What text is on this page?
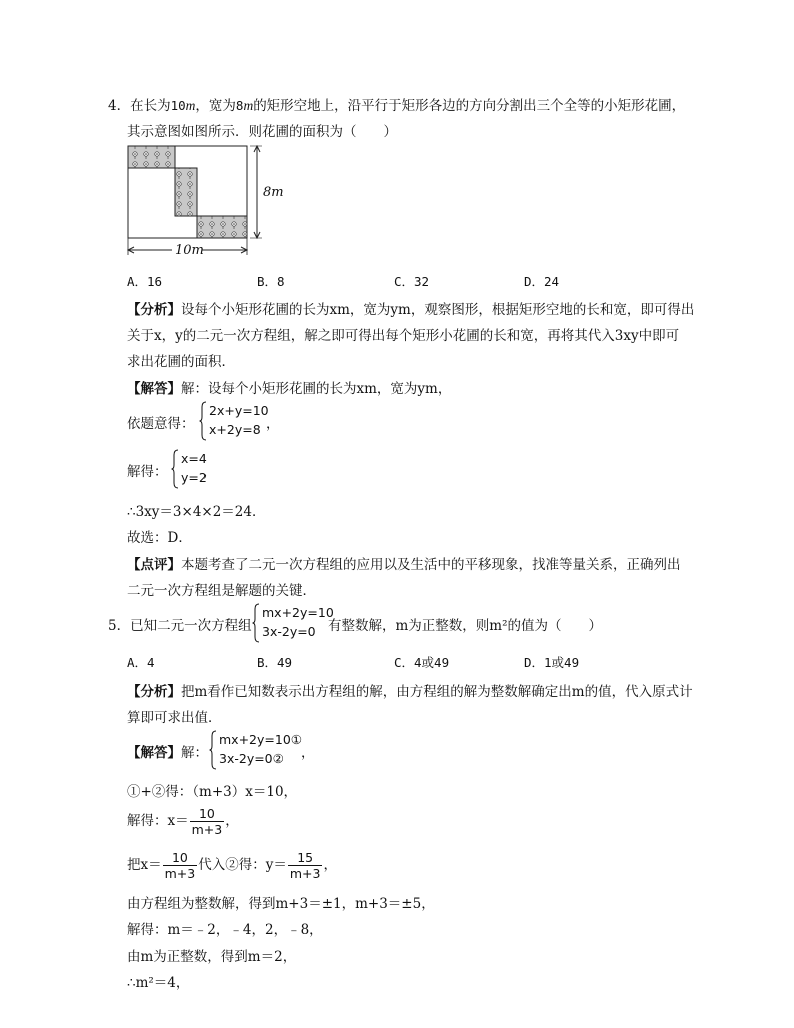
4．在长为10m，宽为8m的矩形空地上，沿平行于矩形各边的方向分割出三个全等的小矩形花圃，
其示意图如图所示．则花圃的面积为（　　）
8m
10m
A．16	B．8	C．32	D．24
【分析】设每个小矩形花圃的长为xm，宽为ym，观察图形，根据矩形空地的长和宽，即可得出
关于x，y的二元一次方程组，解之即可得出每个矩形小花圃的长和宽，再将其代入3xy中即可
求出花圃的面积．
【解答】解：设每个小矩形花圃的长为xm，宽为ym，
依题意得：
2x+y=10
x+2y=8 ，
解得：
x=4
y=2
，
∴3xy＝3×4×2＝24．
故选：D．
【点评】本题考查了二元一次方程组的应用以及生活中的平移现象，找准等量关系，正确列出
二元一次方程组是解题的关键．
5．已知二元一次方程组
mx+2y=10
3x-2y=0 有整数解，m为正整数，则m²的值为（　　）
A．4	B．49	C．4或49	D．1或49
【分析】把m看作已知数表示出方程组的解，由方程组的解为整数解确定出m的值，代入原式计
算即可求出值．
【解答】解：
mx+2y=10①
3x-2y=0②	，
①+②得：（m+3）x＝10，
解得：$x= \frac{10}{m+3}$ ，
把$x= \frac{10}{m+3}$ 代入②得：$y= \frac{15}{m+3}$ ，
由方程组为整数解，得到m+3＝±1，m+3＝±5，
解得：m＝﹣2，﹣4，2，﹣8，
由m为正整数，得到m＝2，
∴m²＝4，
